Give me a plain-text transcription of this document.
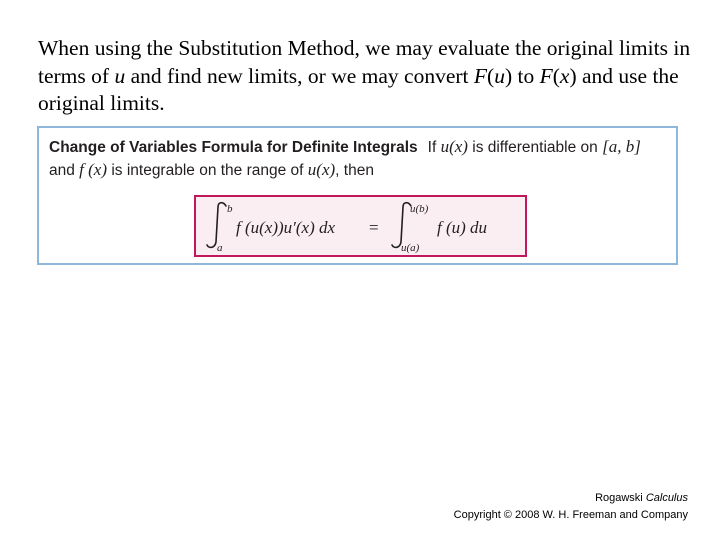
When using the Substitution Method, we may evaluate the original limits in terms of u and find new limits, or we may convert F(u) to F(x) and use the original limits.

Change of Variables Formula for Definite Integrals If u(x) is differentiable on [a, b]
and f (x) is integrable on the range of u(x), then
b
a
f (u(x))u′(x) dx =
u(b)
u(a)
f (u) du
Rogawski Calculus
Copyright © 2008 W. H. Freeman and Company
